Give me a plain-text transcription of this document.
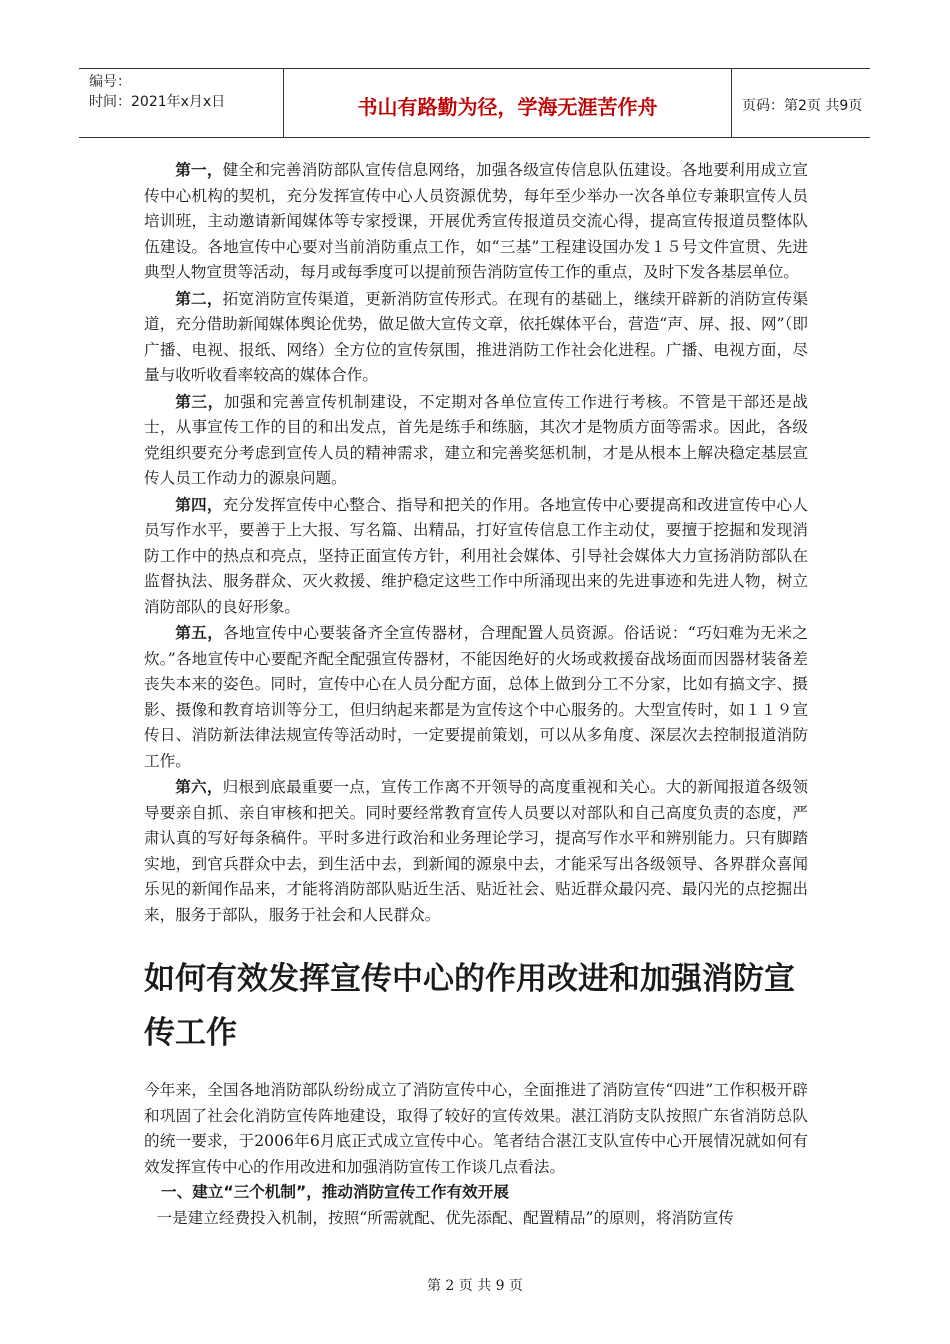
编号：
时间：2021年x月x日	书山有路勤为径，学海无涯苦作舟	页码：第2页 共9页

第一，健全和完善消防部队宣传信息网络，加强各级宣传信息队伍建设。各地要利用成立宣传中心机构的契机，充分发挥宣传中心人员资源优势，每年至少举办一次各单位专兼职宣传人员培训班，主动邀请新闻媒体等专家授课，开展优秀宣传报道员交流心得，提高宣传报道员整体队伍建设。各地宣传中心要对当前消防重点工作，如“三基”工程建设国办发１５号文件宣贯、先进典型人物宣贯等活动，每月或每季度可以提前预告消防宣传工作的重点，及时下发各基层单位。

第二，拓宽消防宣传渠道，更新消防宣传形式。在现有的基础上，继续开辟新的消防宣传渠道，充分借助新闻媒体舆论优势，做足做大宣传文章，依托媒体平台，营造“声、屏、报、网”（即广播、电视、报纸、网络）全方位的宣传氛围，推进消防工作社会化进程。广播、电视方面，尽量与收听收看率较高的媒体合作。

第三，加强和完善宣传机制建设，不定期对各单位宣传工作进行考核。不管是干部还是战士，从事宣传工作的目的和出发点，首先是练手和练脑，其次才是物质方面等需求。因此，各级党组织要充分考虑到宣传人员的精神需求，建立和完善奖惩机制，才是从根本上解决稳定基层宣传人员工作动力的源泉问题。

第四，充分发挥宣传中心整合、指导和把关的作用。各地宣传中心要提高和改进宣传中心人员写作水平，要善于上大报、写名篇、出精品，打好宣传信息工作主动仗，要擅于挖掘和发现消防工作中的热点和亮点，坚持正面宣传方针，利用社会媒体、引导社会媒体大力宣扬消防部队在监督执法、服务群众、灭火救援、维护稳定这些工作中所涌现出来的先进事迹和先进人物，树立消防部队的良好形象。

第五，各地宣传中心要装备齐全宣传器材，合理配置人员资源。俗话说：“巧妇难为无米之炊。”各地宣传中心要配齐配全配强宣传器材，不能因绝好的火场或救援奋战场面而因器材装备差丧失本来的姿色。同时，宣传中心在人员分配方面，总体上做到分工不分家，比如有搞文字、摄影、摄像和教育培训等分工，但归纳起来都是为宣传这个中心服务的。大型宣传时，如１１９宣传日、消防新法律法规宣传等活动时，一定要提前策划，可以从多角度、深层次去控制报道消防工作。

第六，归根到底最重要一点，宣传工作离不开领导的高度重视和关心。大的新闻报道各级领导要亲自抓、亲自审核和把关。同时要经常教育宣传人员要以对部队和自己高度负责的态度，严肃认真的写好每条稿件。平时多进行政治和业务理论学习，提高写作水平和辨别能力。只有脚踏实地，到官兵群众中去，到生活中去，到新闻的源泉中去，才能采写出各级领导、各界群众喜闻乐见的新闻作品来，才能将消防部队贴近生活、贴近社会、贴近群众最闪亮、最闪光的点挖掘出来，服务于部队，服务于社会和人民群众。

如何有效发挥宣传中心的作用改进和加强消防宣传工作

今年来，全国各地消防部队纷纷成立了消防宣传中心，全面推进了消防宣传“四进”工作积极开辟和巩固了社会化消防宣传阵地建设，取得了较好的宣传效果。湛江消防支队按照广东省消防总队的统一要求，于2006年6月底正式成立宣传中心。笔者结合湛江支队宣传中心开展情况就如何有效发挥宣传中心的作用改进和加强消防宣传工作谈几点看法。

一、建立“三个机制”，推动消防宣传工作有效开展

一是建立经费投入机制，按照“所需就配、优先添配、配置精品”的原则，将消防宣传

第 2 页 共 9 页
